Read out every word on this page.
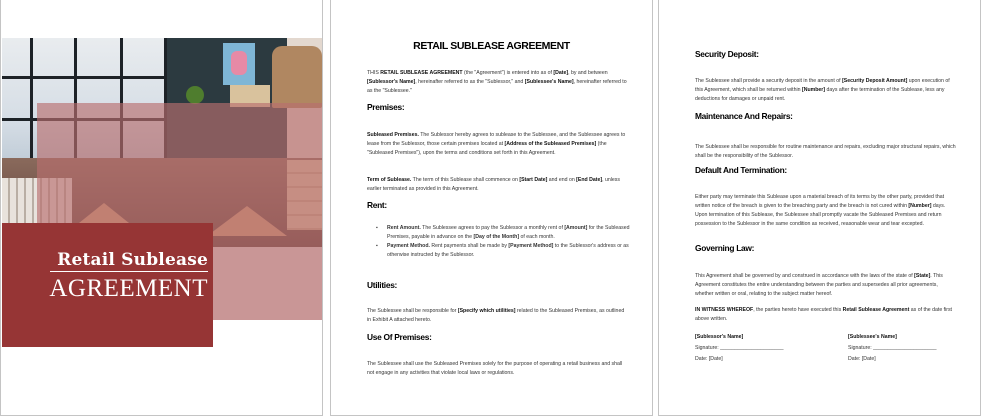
Retail Sublease
AGREEMENT
RETAIL SUBLEASE AGREEMENT

THIS RETAIL SUBLEASE AGREEMENT (the "Agreement") is entered into as of [Date], by and between [Sublessor's Name], hereinafter referred to as the "Sublessor," and [Sublessee's Name], hereinafter referred to as the "Sublessee."

Premises:

Subleased Premises. The Sublessor hereby agrees to sublease to the Sublessee, and the Sublessee agrees to lease from the Sublessor, those certain premises located at [Address of the Subleased Premises] (the "Subleased Premises"), upon the terms and conditions set forth in this Agreement.

Term of Sublease. The term of this Sublease shall commence on [Start Date] and end on [End Date], unless earlier terminated as provided in this Agreement.

Rent:
▪ Rent Amount. The Sublessee agrees to pay the Sublessor a monthly rent of [Amount] for the Subleased Premises, payable in advance on the [Day of the Month] of each month.
▪ Payment Method. Rent payments shall be made by [Payment Method] to the Sublessor's address or as otherwise instructed by the Sublessor.
Utilities:

The Sublessee shall be responsible for [Specify which utilities] related to the Subleased Premises, as outlined in Exhibit A attached hereto.

Use Of Premises:

The Sublessee shall use the Subleased Premises solely for the purpose of operating a retail business and shall not engage in any activities that violate local laws or regulations.

Security Deposit:

The Sublessee shall provide a security deposit in the amount of [Security Deposit Amount] upon execution of this Agreement, which shall be returned within [Number] days after the termination of the Sublease, less any deductions for damages or unpaid rent.

Maintenance And Repairs:

The Sublessee shall be responsible for routine maintenance and repairs, excluding major structural repairs, which shall be the responsibility of the Sublessor.

Default And Termination:

Either party may terminate this Sublease upon a material breach of its terms by the other party, provided that written notice of the breach is given to the breaching party and the breach is not cured within [Number] days. Upon termination of this Sublease, the Sublessee shall promptly vacate the Subleased Premises and return possession to the Sublessor in the same condition as received, reasonable wear and tear excepted.

Governing Law:

This Agreement shall be governed by and construed in accordance with the laws of the state of [State]. This Agreement constitutes the entire understanding between the parties and supersedes all prior agreements, whether written or oral, relating to the subject matter hereof.

IN WITNESS WHEREOF, the parties hereto have executed this Retail Sublease Agreement as of the date first above written.

[Sublessor's Name]
Signature: ______________________
Date: [Date]
[Sublessee's Name]
Signature: ______________________
Date: [Date]
